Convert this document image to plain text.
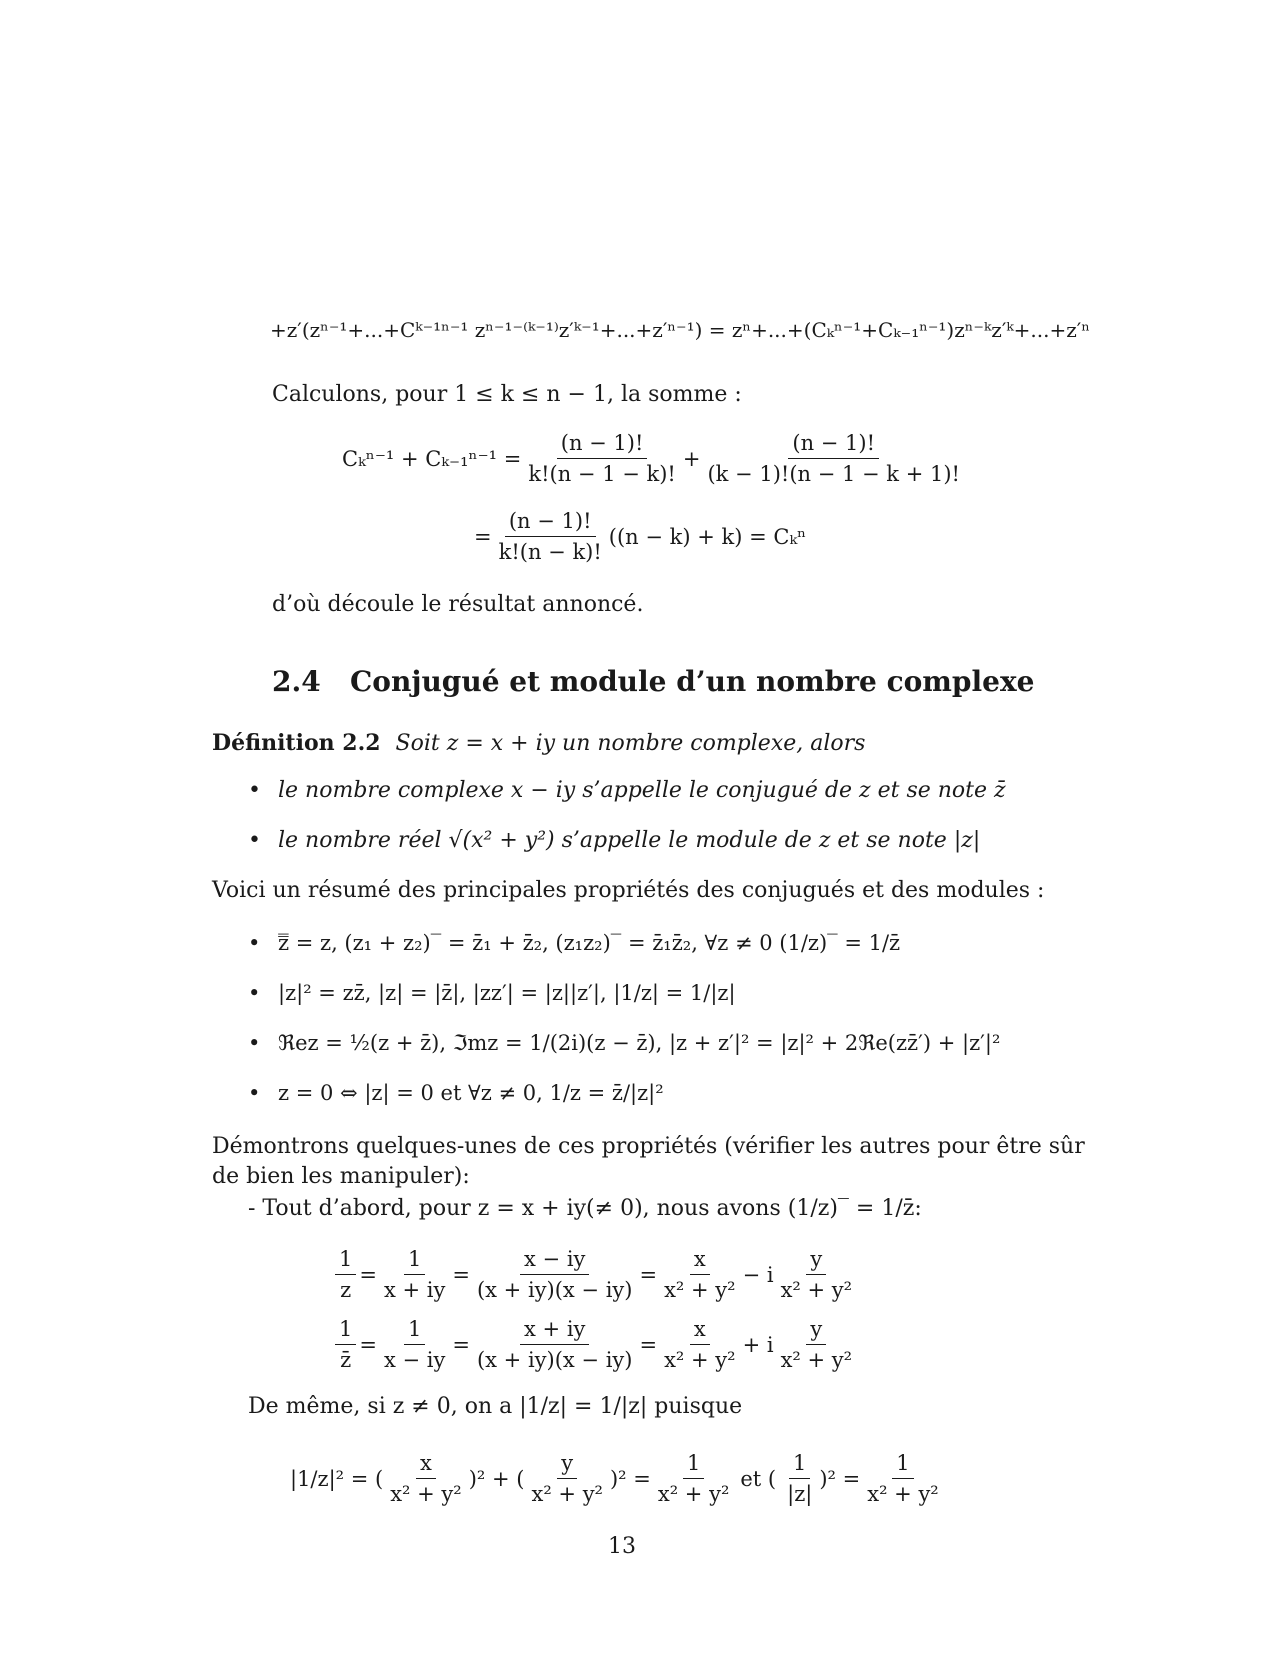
+z′(zⁿ⁻¹+...+Cᵏ⁻¹ⁿ⁻¹ zⁿ⁻¹⁻⁽ᵏ⁻¹⁾z′ᵏ⁻¹+...+z′ⁿ⁻¹) = zⁿ+...+(Cₖⁿ⁻¹+Cₖ₋₁ⁿ⁻¹)zⁿ⁻ᵏz′ᵏ+...+z′ⁿ
Calculons, pour 1 ≤ k ≤ n − 1, la somme :
$C_k^{n-1} + C_{k-1}^{n-1} = \frac{(n - 1)!}{k!(n - 1 - k)!} + \frac{(n - 1)!}{(k - 1)!(n - 1 - k + 1)!}$
= $\frac{(n - 1)!}{k!(n - k)!} ((n - k) + k) = C_k^n$
d’où découle le résultat annoncé.
2.4 Conjugué et module d’un nombre complexe
Définition 2.2 Soit z = x + iy un nombre complexe, alors
• le nombre complexe x − iy s’appelle le conjugué de z et se note z̄
• le nombre réel √(x² + y²) s’appelle le module de z et se note |z|
Voici un résumé des principales propriétés des conjugués et des modules :
• z̿ = z, (z₁ + z₂)‾ = z̄₁ + z̄₂, (z₁z₂)‾ = z̄₁z̄₂, ∀z ≠ 0 (1/z)‾ = 1/z̄
• |z|² = zz̄, |z| = |z̄|, |zz′| = |z||z′|, |1/z| = 1/|z|
• ℜez = ½(z + z̄), ℑmz = 1/(2i)(z − z̄), |z + z′|² = |z|² + 2ℜe(zz̄′) + |z′|²
• z = 0 ⇔ |z| = 0 et ∀z ≠ 0, 1/z = z̄/|z|²
Démontrons quelques-unes de ces propriétés (vérifier les autres pour être sûr
de bien les manipuler):
- Tout d’abord, pour z = x + iy(≠ 0), nous avons (1/z)‾ = 1/z̄:
$\frac{1}{z} = \frac{1}{x + iy} = \frac{x - iy}{(x + iy)(x - iy)} = \frac{x}{\text{x² + y²}} - i \frac{y}{\text{x² + y²}}$
$\frac{1}{z̄} = \frac{1}{x - iy} = \frac{x + iy}{(x + iy)(x - iy)} = \frac{x}{\text{x² + y²}} + i \frac{y}{\text{x² + y²}}$
De même, si z ≠ 0, on a |1/z| = 1/|z| puisque
|1/z|² = ( $\frac{x}{\text{x² + y²}} )^2$ + ( $\frac{y}{\text{x² + y²}} )^2 = \frac{1}{\text{x² + y²}}$ et ( $\frac{1}{|z|} )^2 = \frac{1}{\text{x² + y²}}$
13
